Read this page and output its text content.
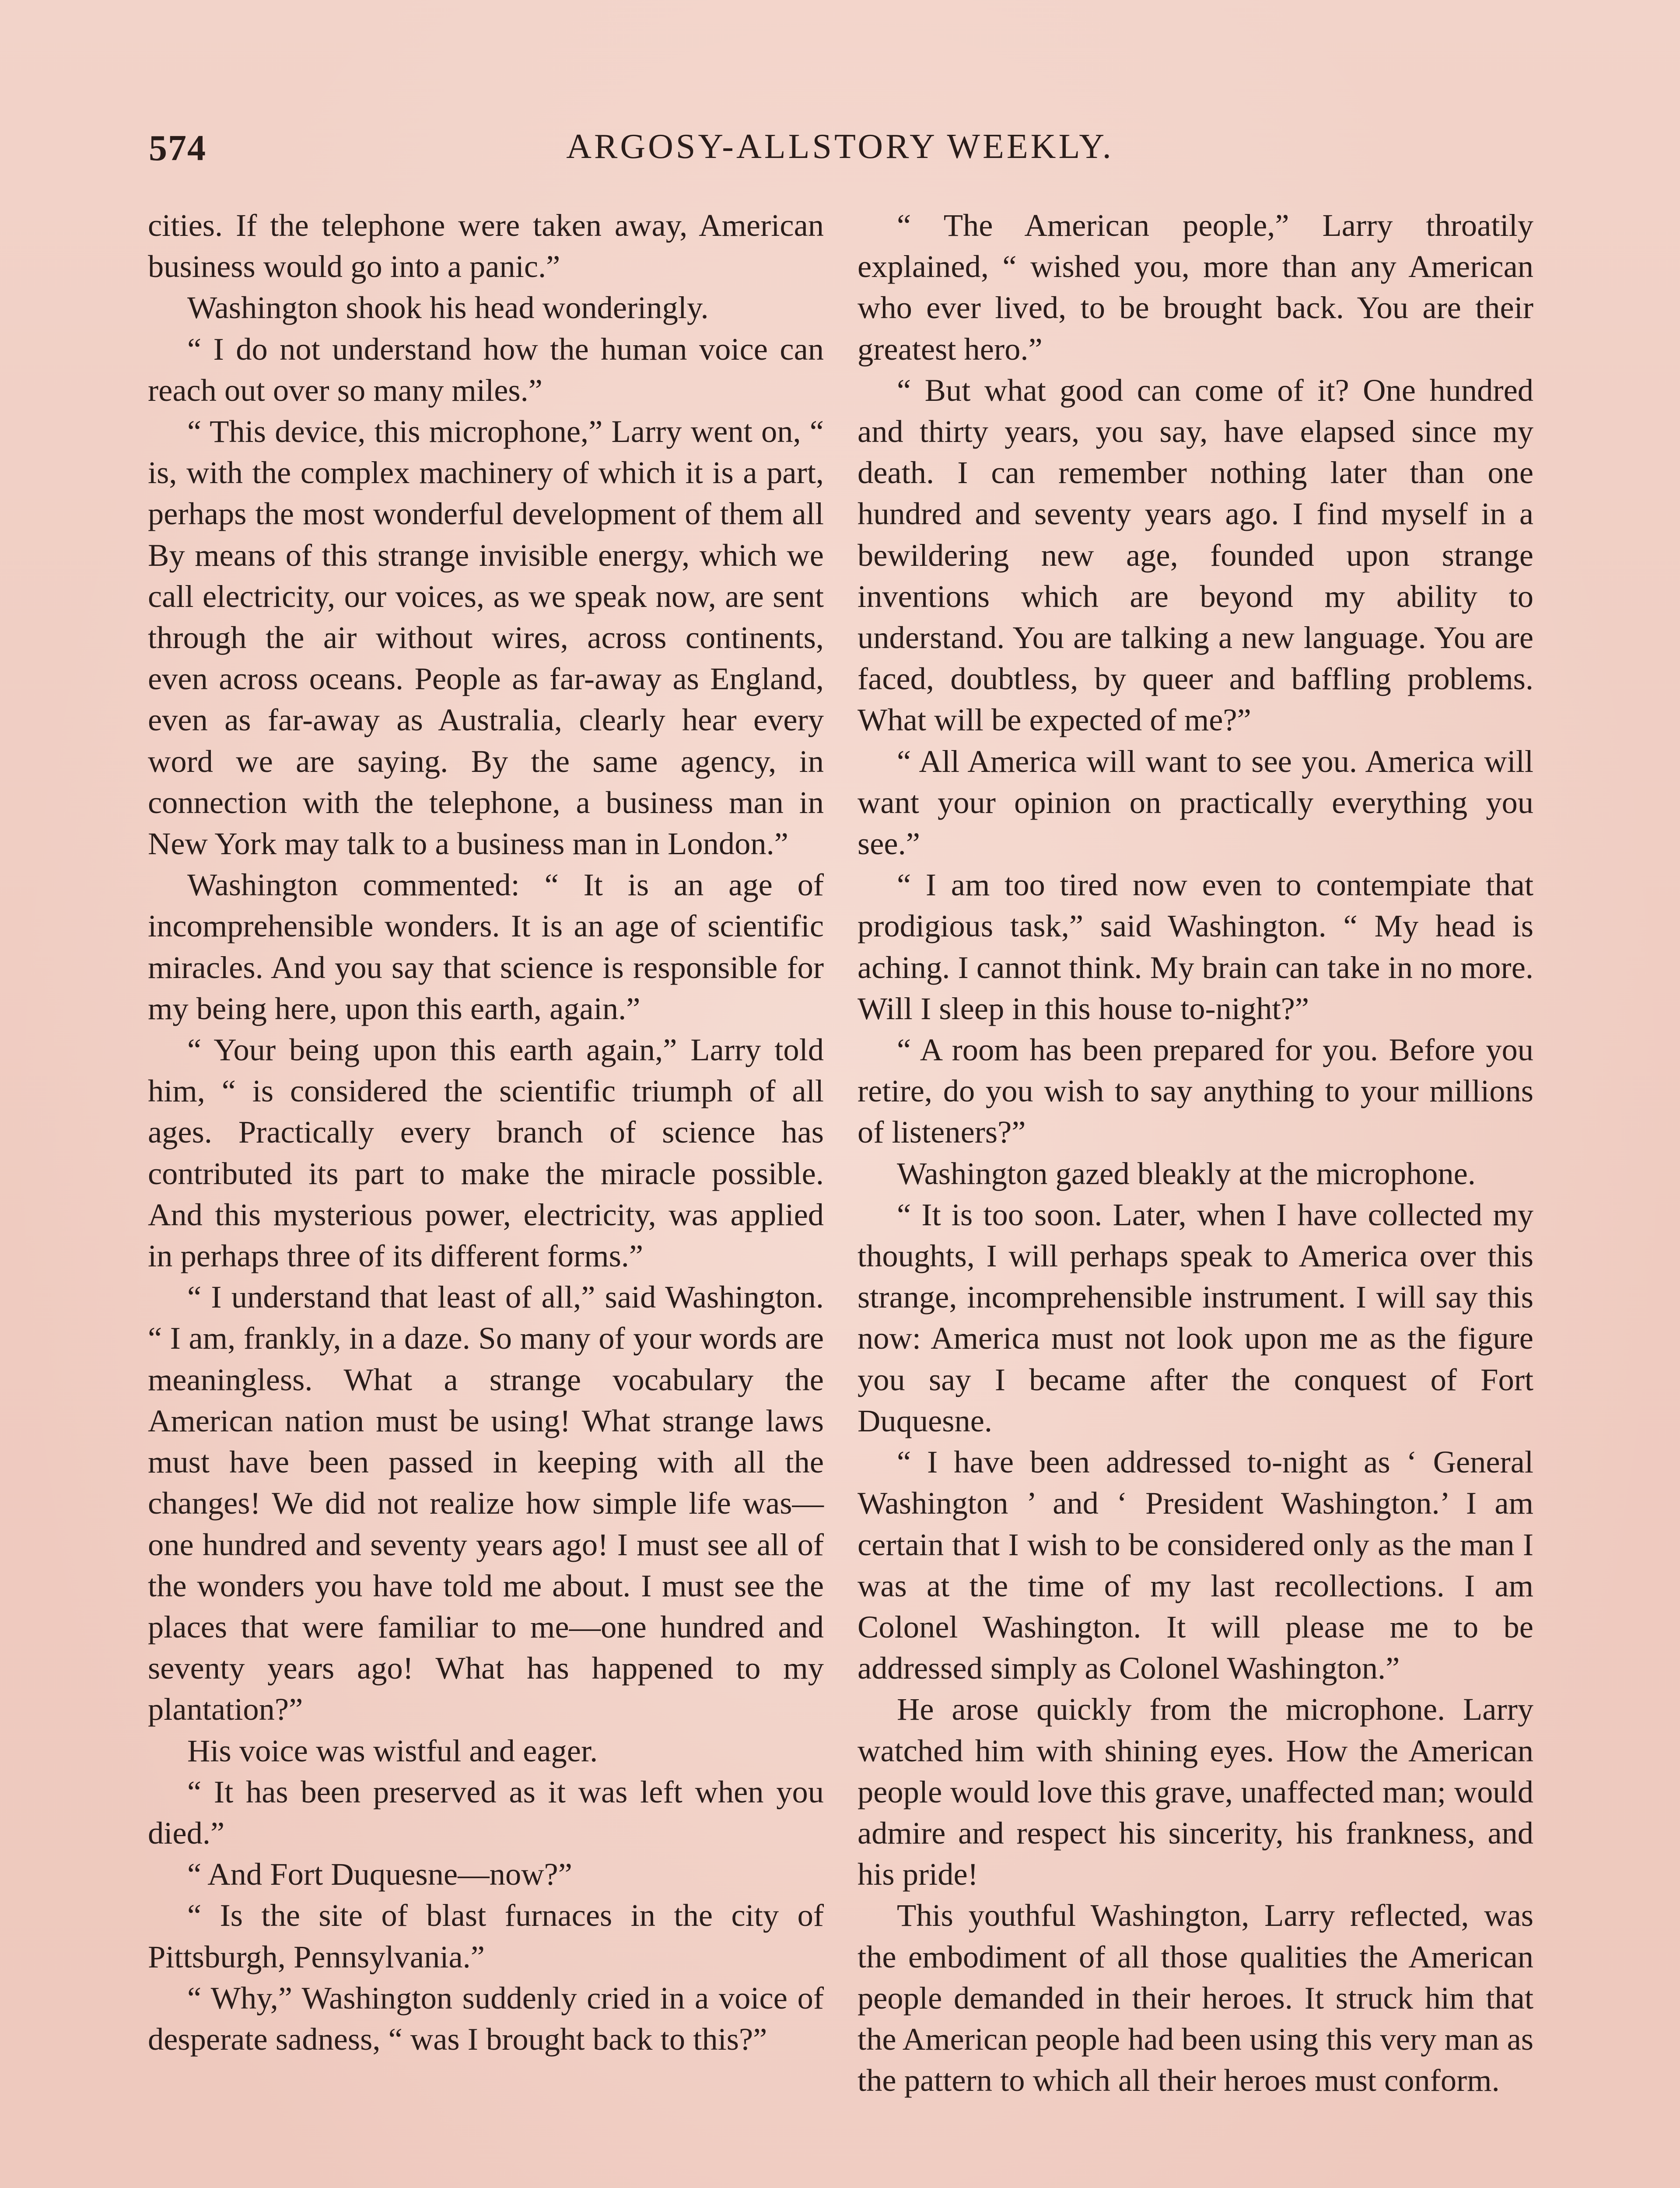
574	ARGOSY-ALLSTORY WEEKLY.

cities. If the telephone were taken away, American business would go into a panic.”

Washington shook his head wonderingly.

“ I do not understand how the human voice can reach out over so many miles.”

“ This device, this microphone,” Larry went on, “ is, with the complex machinery of which it is a part, perhaps the most wonderful development of them all By means of this strange invisible energy, which we call electricity, our voices, as we speak now, are sent through the air without wires, across continents, even across oceans. People as far-away as England, even as far-away as Australia, clearly hear every word we are saying. By the same agency, in connection with the telephone, a business man in New York may talk to a business man in London.”

Washington commented: “ It is an age of incomprehensible wonders. It is an age of scientific miracles. And you say that science is responsible for my being here, upon this earth, again.”

“ Your being upon this earth again,” Larry told him, “ is considered the scientific triumph of all ages. Practically every branch of science has contributed its part to make the miracle possible. And this mysterious power, electricity, was applied in perhaps three of its different forms.”

“ I understand that least of all,” said Washington. “ I am, frankly, in a daze. So many of your words are meaningless. What a strange vocabulary the American nation must be using! What strange laws must have been passed in keeping with all the changes! We did not realize how simple life was—one hundred and seventy years ago! I must see all of the wonders you have told me about. I must see the places that were familiar to me—one hundred and seventy years ago! What has happened to my plantation?”

His voice was wistful and eager.

“ It has been preserved as it was left when you died.”

“ And Fort Duquesne—now?”

“ Is the site of blast furnaces in the city of Pittsburgh, Pennsylvania.”

“ Why,” Washington suddenly cried in a voice of desperate sadness, “ was I brought back to this?”

“ The American people,” Larry throatily explained, “ wished you, more than any American who ever lived, to be brought back. You are their greatest hero.”

“ But what good can come of it? One hundred and thirty years, you say, have elapsed since my death. I can remember nothing later than one hundred and seventy years ago. I find myself in a bewildering new age, founded upon strange inventions which are beyond my ability to understand. You are talking a new language. You are faced, doubtless, by queer and baffling problems. What will be expected of me?”

“ All America will want to see you. America will want your opinion on practically everything you see.”

“ I am too tired now even to contempiate that prodigious task,” said Washington. “ My head is aching. I cannot think. My brain can take in no more. Will I sleep in this house to-night?”

“ A room has been prepared for you. Before you retire, do you wish to say anything to your millions of listeners?”

Washington gazed bleakly at the microphone.

“ It is too soon. Later, when I have collected my thoughts, I will perhaps speak to America over this strange, incomprehensible instrument. I will say this now: America must not look upon me as the figure you say I became after the conquest of Fort Duquesne.

“ I have been addressed to-night as ‘ General Washington ’ and ‘ President Washington.’ I am certain that I wish to be considered only as the man I was at the time of my last recollections. I am Colonel Washington. It will please me to be addressed simply as Colonel Washington.”

He arose quickly from the microphone. Larry watched him with shining eyes. How the American people would love this grave, unaffected man; would admire and respect his sincerity, his frankness, and his pride!

This youthful Washington, Larry reflected, was the embodiment of all those qualities the American people demanded in their heroes. It struck him that the American people had been using this very man as the pattern to which all their heroes must conform.
